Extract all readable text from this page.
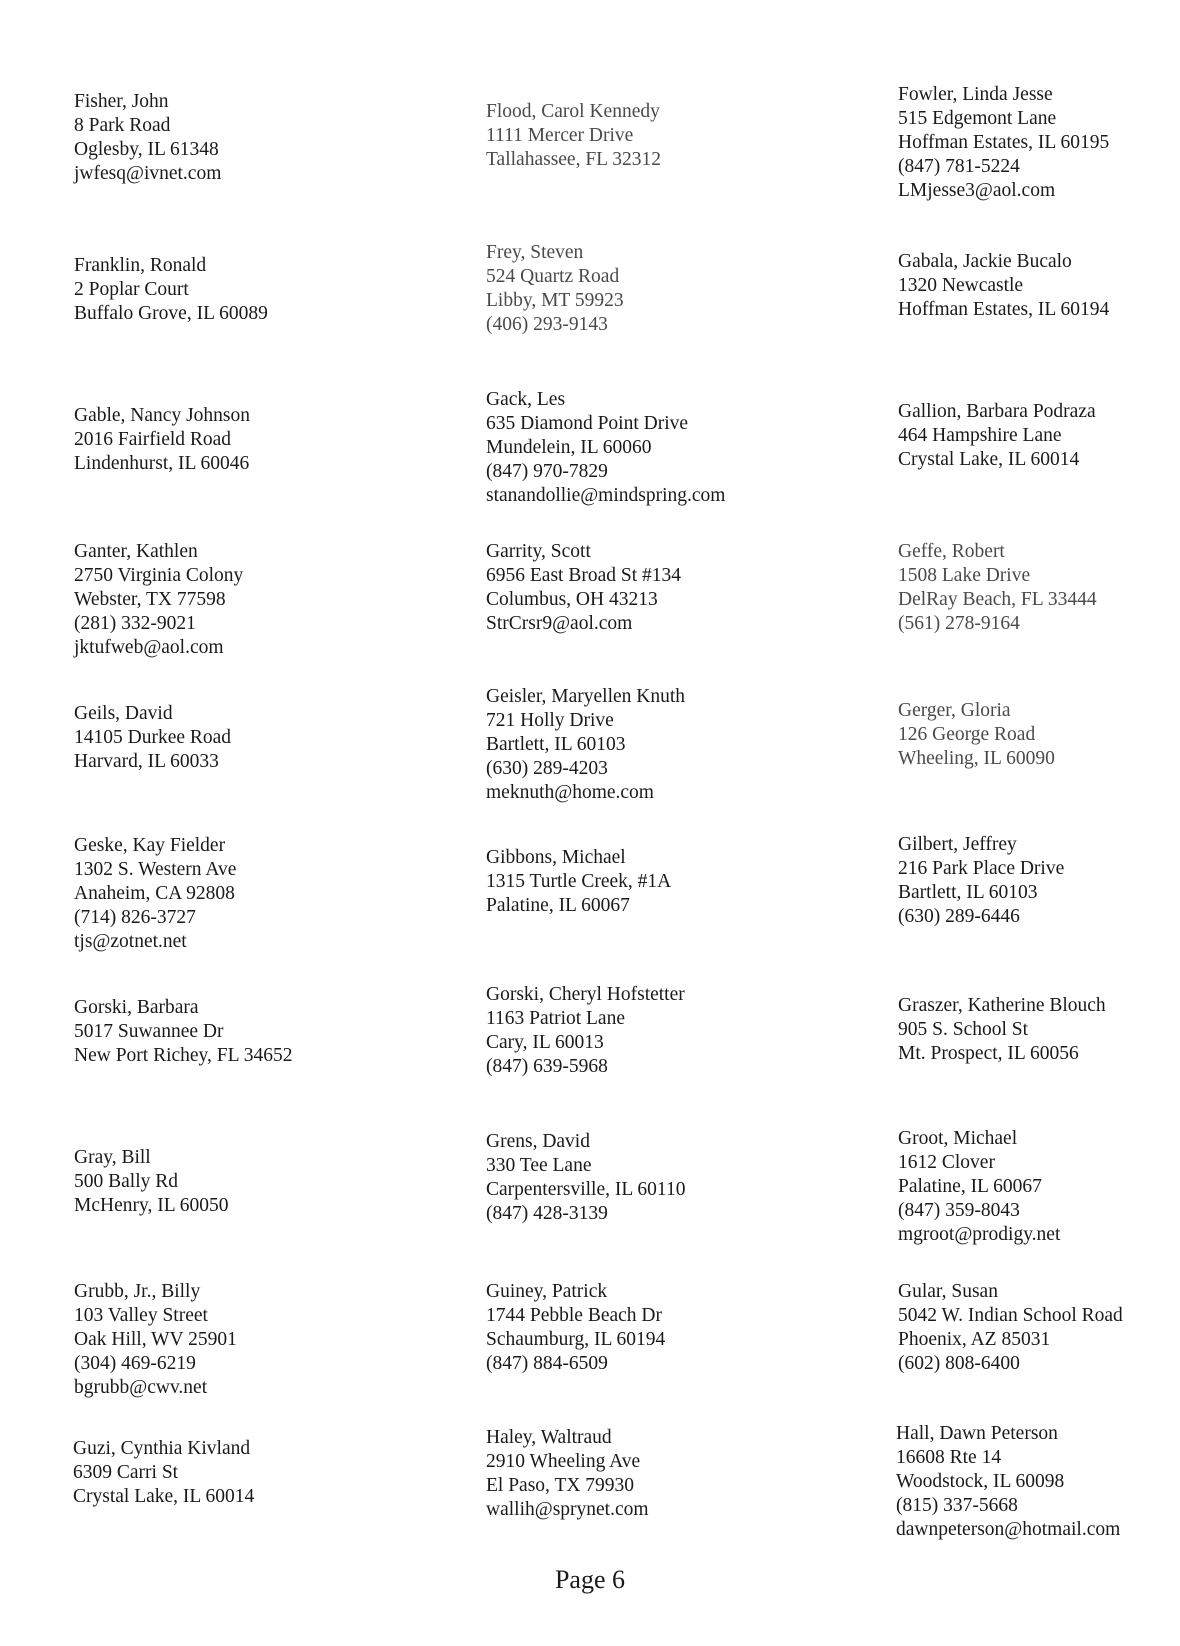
Fisher, John
8 Park Road
Oglesby, IL 61348
jwfesq@ivnet.com
Flood, Carol Kennedy
1111 Mercer Drive
Tallahassee, FL 32312
Fowler, Linda Jesse
515 Edgemont Lane
Hoffman Estates, IL 60195
(847) 781-5224
LMjesse3@aol.com
Franklin, Ronald
2 Poplar Court
Buffalo Grove, IL 60089
Frey, Steven
524 Quartz Road
Libby, MT 59923
(406) 293-9143
Gabala, Jackie Bucalo
1320 Newcastle
Hoffman Estates, IL 60194
Gable, Nancy Johnson
2016 Fairfield Road
Lindenhurst, IL 60046
Gack, Les
635 Diamond Point Drive
Mundelein, IL 60060
(847) 970-7829
stanandollie@mindspring.com
Gallion, Barbara Podraza
464 Hampshire Lane
Crystal Lake, IL 60014
Ganter, Kathlen
2750 Virginia Colony
Webster, TX 77598
(281) 332-9021
jktufweb@aol.com
Garrity, Scott
6956 East Broad St #134
Columbus, OH 43213
StrCrsr9@aol.com
Geffe, Robert
1508 Lake Drive
DelRay Beach, FL 33444
(561) 278-9164
Geils, David
14105 Durkee Road
Harvard, IL 60033
Geisler, Maryellen Knuth
721 Holly Drive
Bartlett, IL 60103
(630) 289-4203
meknuth@home.com
Gerger, Gloria
126 George Road
Wheeling, IL 60090
Geske, Kay Fielder
1302 S. Western Ave
Anaheim, CA 92808
(714) 826-3727
tjs@zotnet.net
Gibbons, Michael
1315 Turtle Creek, #1A
Palatine, IL 60067
Gilbert, Jeffrey
216 Park Place Drive
Bartlett, IL 60103
(630) 289-6446
Gorski, Barbara
5017 Suwannee Dr
New Port Richey, FL 34652
Gorski, Cheryl Hofstetter
1163 Patriot Lane
Cary, IL 60013
(847) 639-5968
Graszer, Katherine Blouch
905 S. School St
Mt. Prospect, IL 60056
Gray, Bill
500 Bally Rd
McHenry, IL 60050
Grens, David
330 Tee Lane
Carpentersville, IL 60110
(847) 428-3139
Groot, Michael
1612 Clover
Palatine, IL 60067
(847) 359-8043
mgroot@prodigy.net
Grubb, Jr., Billy
103 Valley Street
Oak Hill, WV 25901
(304) 469-6219
bgrubb@cwv.net
Guiney, Patrick
1744 Pebble Beach Dr
Schaumburg, IL 60194
(847) 884-6509
Gular, Susan
5042 W. Indian School Road
Phoenix, AZ 85031
(602) 808-6400
Guzi, Cynthia Kivland
6309 Carri St
Crystal Lake, IL 60014
Haley, Waltraud
2910 Wheeling Ave
El Paso, TX 79930
wallih@sprynet.com
Hall, Dawn Peterson
16608 Rte 14
Woodstock, IL 60098
(815) 337-5668
dawnpeterson@hotmail.com
Page 6
